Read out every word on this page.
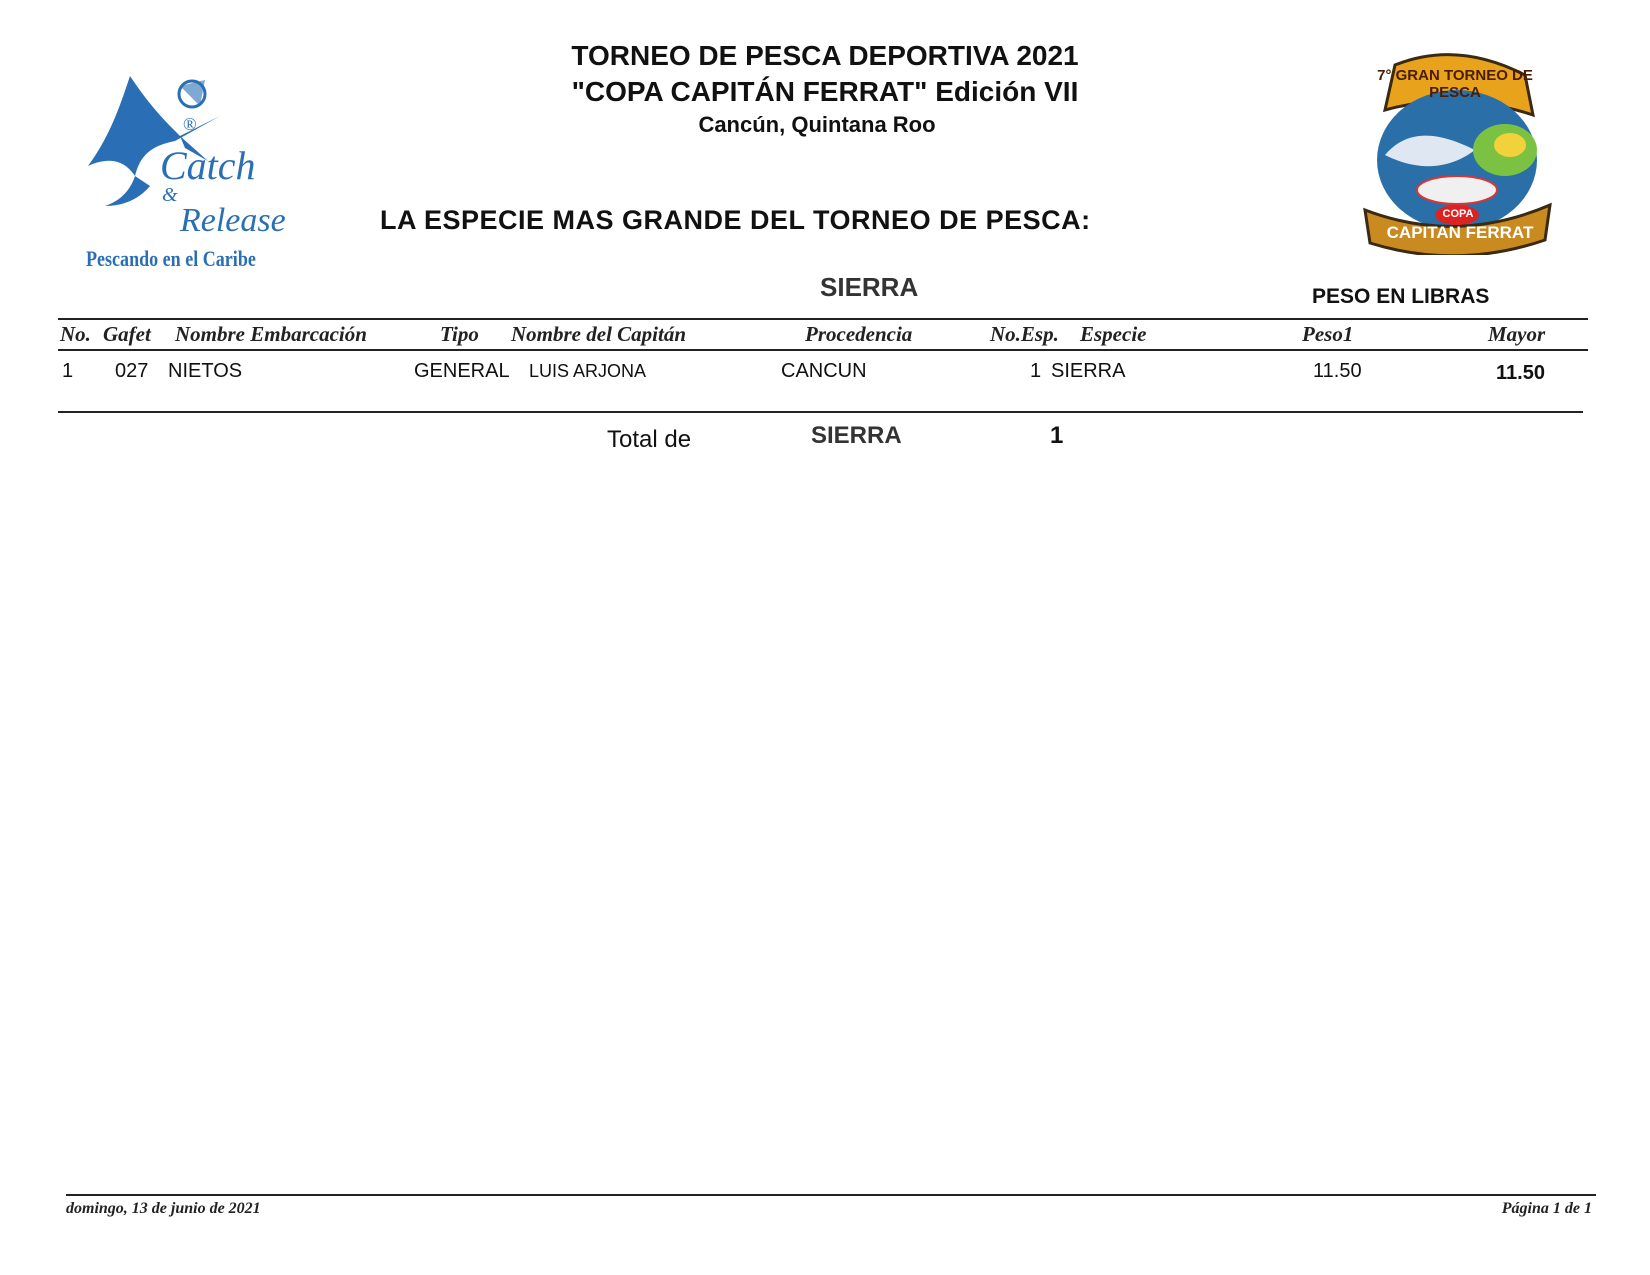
®
Catch
&
Release
Pescando en el Caribe
TORNEO DE PESCA DEPORTIVA 2021
"COPA CAPITÁN FERRAT" Edición VII
Cancún, Quintana Roo
7° GRAN TORNEO DE PESCA
COPA
CAPITAN FERRAT
LA ESPECIE MAS GRANDE DEL TORNEO DE PESCA:
SIERRA	PESO EN LIBRAS
No. Gafet Nombre Embarcación	Tipo Nombre del Capitán	Procedencia	No.Esp. Especie	Peso1	Mayor
1 027 NIETOS	GENERAL LUIS ARJONA	CANCUN	1 SIERRA	11.50	11.50
Total de	SIERRA	1
domingo, 13 de junio de 2021	Página 1 de 1
